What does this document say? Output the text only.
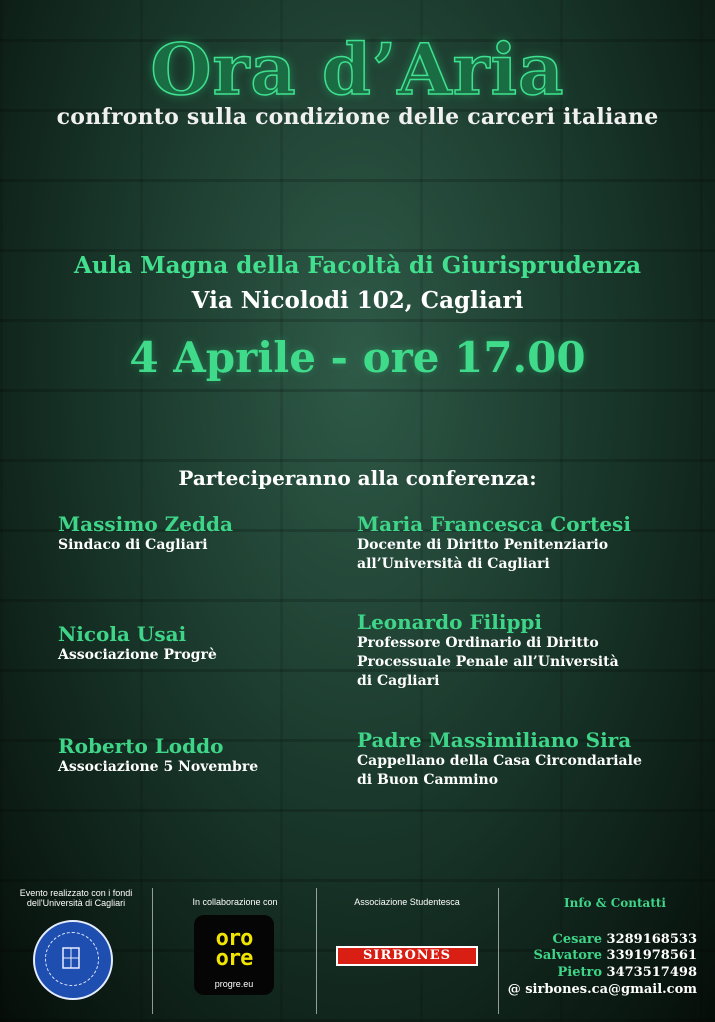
Ora d’Aria
confronto sulla condizione delle carceri italiane
Aula Magna della Facoltà di Giurisprudenza
Via Nicolodi 102, Cagliari
4 Aprile - ore 17.00
Parteciperanno alla conferenza:
Massimo Zedda
Sindaco di Cagliari
Nicola Usai
Associazione Progrè
Roberto Loddo
Associazione 5 Novembre
Maria Francesca Cortesi
Docente di Diritto Penitenziario
all’Università di Cagliari
Leonardo Filippi
Professore Ordinario di Diritto
Processuale Penale all’Università
di Cagliari
Padre Massimiliano Sira
Cappellano della Casa Circondariale
di Buon Cammino
Evento realizzato con i fondi
dell'Università di Cagliari	In collaborazione con
oro
ore
progre.eu
Associazione Studentesca
SIRBONES
Info & Contatti
Cesare 3289168533
Salvatore 3391978561
Pietro 3473517498
@ sirbones.ca@gmail.com
